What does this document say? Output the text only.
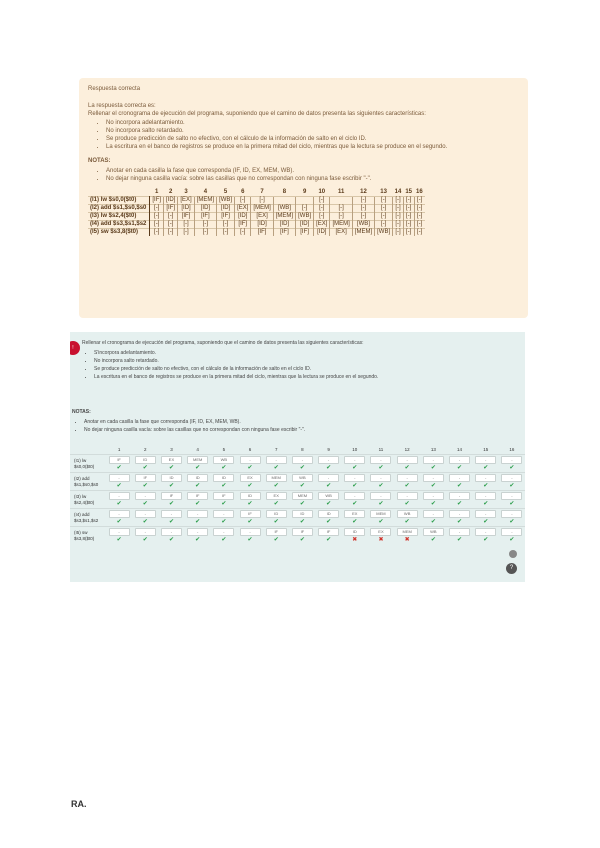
Respuesta correcta

La respuesta correcta es:

Rellenar el cronograma de ejecución del programa, suponiendo que el camino de datos presenta las siguientes características:

• No incorpora adelantamiento.
• No incorpora salto retardado.
• Se produce predicción de salto no efectivo, con el cálculo de la información de salto en el ciclo ID.
• La escritura en el banco de registros se produce en la primera mitad del ciclo, mientras que la lectura se produce en el segundo.

NOTAS:

• Anotar en cada casilla la fase que corresponda (IF, ID, EX, MEM, WB).
• No dejar ninguna casilla vacía: sobre las casillas que no correspondan con ninguna fase escribir "-".
	1	2	3	4	5	6	7	8	9	10	11	12	13	14	15	16
(I1) lw $s0,0($t0)	[IF]	[ID]	[EX]	[MEM]	[WB]	[-]	[-]			[-]		[-]	[-]	[-]	[-]	[-]
(I2) add $s1,$s0,$s0	[-]	[IF]	[ID]	[ID]	[ID]	[EX]	[MEM]	[WB]	[-]	[-]	[-]	[-]	[-]	[-]	[-]	[-]
(I3) lw $s2,4($t0)	[-]	[-]	[IF]	[IF]	[IF]	[ID]	[EX]	[MEM]	[WB]	[-]	[-]	[-]	[-]	[-]	[-]	[-]
(I4) add $s3,$s1,$s2	[-]	[-]	[-]	[-]	[-]	[IF]	[ID]	[ID]	[ID]	[EX]	[MEM]	[WB]	[-]	[-]	[-]	[-]
(I5) sw $s3,8($t0)	[-]	[-]	[-]	[-]	[-]	[-]	[IF]	[IF]	[IF]	[ID]	[EX]	[MEM]	[WB]	[-]	[-]	[-]
!

Rellenar el cronograma de ejecución del programa, suponiendo que el camino de datos presenta las siguientes características:

• S'incorpora adelantamiento.
• No incorpora salto retardado.
• Se produce predicción de salto no efectivo, con el cálculo de la información de salto en el ciclo ID.
• La escritura en el banco de registros se produce en la primera mitad del ciclo, mientras que la lectura se produce en el segundo.

NOTAS:

• Anotar en cada casilla la fase que corresponda (IF, ID, EX, MEM, WB).
• No dejar ninguna casilla vacía: sobre las casillas que no correspondan con ninguna fase escribir "-".
	1	2	3	4	5	6	7	8	9	10	11	12	13	14	15	16
(I1) lw $s0,0($t0)	IF	ID	EX	MEM	WB	-	-	-	-	-	-	-	-	-	-	-
	✔	✔	✔	✔	✔	✔	✔	✔	✔	✔	✔	✔	✔	✔	✔	✔
(I2) add $s1,$s0,$s0	-	IF	ID	ID	ID	EX	MEM	WB	-	-	-	-	-	-	-	-
	✔	✔	✔	✔	✔	✔	✔	✔	✔	✔	✔	✔	✔	✔	✔	✔
(I3) lw $s2,4($t0)	-	-	IF	IF	IF	ID	EX	MEM	WB	-	-	-	-	-	-	-
	✔	✔	✔	✔	✔	✔	✔	✔	✔	✔	✔	✔	✔	✔	✔	✔
(I4) add $s3,$s1,$s2	-	-	-	-	-	IF	ID	ID	ID	EX	MEM	WB	-	-	-	-
	✔	✔	✔	✔	✔	✔	✔	✔	✔	✔	✔	✔	✔	✔	✔	✔
(I5) sw $s3,8($t0)	-	-	-	-	-	-	IF	IF	IF	ID	EX	MEM	WB	-	-	-
	✔	✔	✔	✔	✔	✔	✔	✔	✔	✖	✖	✖	✔	✔	✔	✔
?
RA.
